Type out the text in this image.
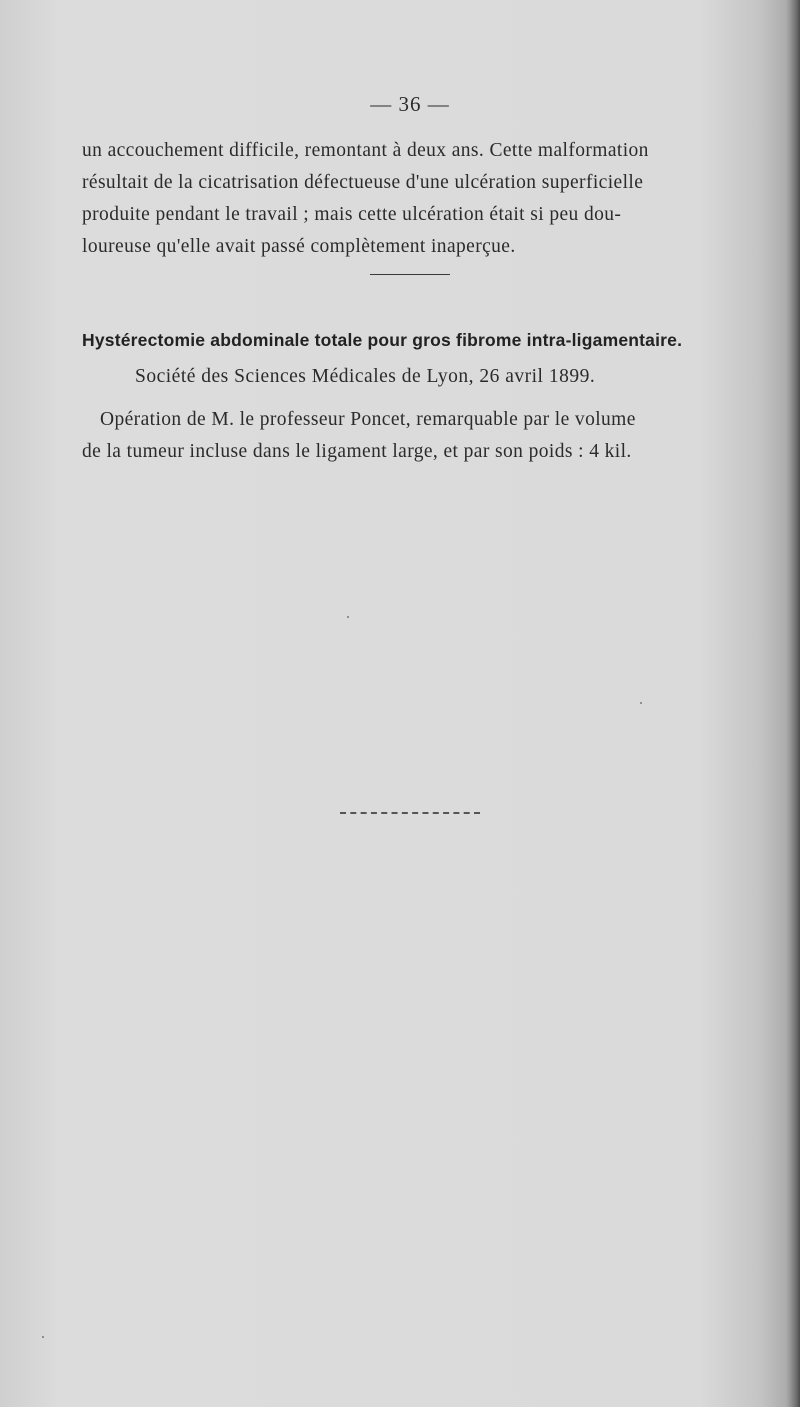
— 36 —
un accouchement difficile, remontant à deux ans. Cette malformation
résultait de la cicatrisation défectueuse d'une ulcération superficielle
produite pendant le travail ; mais cette ulcération était si peu dou-
loureuse qu'elle avait passé complètement inaperçue.
Hystérectomie abdominale totale pour gros fibrome intra-ligamentaire.
Société des Sciences Médicales de Lyon, 26 avril 1899.
Opération de M. le professeur Poncet, remarquable par le volume
de la tumeur incluse dans le ligament large, et par son poids : 4 kil.
